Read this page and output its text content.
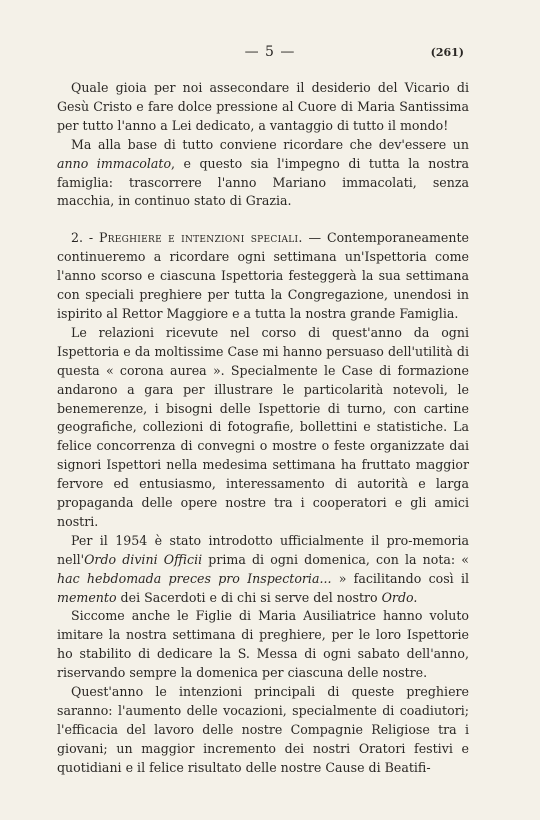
— 5 —	(261)

Quale gioia per noi assecondare il desiderio del Vicario di Gesù Cristo e fare dolce pressione al Cuore di Maria Santissima per tutto l'anno a Lei dedicato, a vantaggio di tutto il mondo!

Ma alla base di tutto conviene ricordare che dev'essere un anno immacolato, e questo sia l'impegno di tutta la nostra famiglia: trascorrere l'anno Mariano immacolati, senza macchia, in continuo stato di Grazia.

2. - Preghiere e intenzioni speciali. — Contemporaneamente continueremo a ricordare ogni settimana un'Ispettoria come l'anno scorso e ciascuna Ispettoria festeggerà la sua settimana con speciali preghiere per tutta la Congregazione, unendosi in ispirito al Rettor Maggiore e a tutta la nostra grande Famiglia.

Le relazioni ricevute nel corso di quest'anno da ogni Ispettoria e da moltissime Case mi hanno persuaso dell'utilità di questa « corona aurea ». Specialmente le Case di formazione andarono a gara per illustrare le particolarità notevoli, le benemerenze, i bisogni delle Ispettorie di turno, con cartine geografiche, collezioni di fotografie, bollettini e statistiche. La felice concorrenza di convegni o mostre o feste organizzate dai signori Ispettori nella medesima settimana ha fruttato maggior fervore ed entusiasmo, interessamento di autorità e larga propaganda delle opere nostre tra i cooperatori e gli amici nostri.

Per il 1954 è stato introdotto ufficialmente il pro-memoria nell'Ordo divini Officii prima di ogni domenica, con la nota: « hac hebdomada preces pro Inspectoria... » facilitando così il memento dei Sacerdoti e di chi si serve del nostro Ordo.

Siccome anche le Figlie di Maria Ausiliatrice hanno voluto imitare la nostra settimana di preghiere, per le loro Ispettorie ho stabilito di dedicare la S. Messa di ogni sabato dell'anno, riservando sempre la domenica per ciascuna delle nostre.

Quest'anno le intenzioni principali di queste preghiere saranno: l'aumento delle vocazioni, specialmente di coadiutori; l'efficacia del lavoro delle nostre Compagnie Religiose tra i giovani; un maggior incremento dei nostri Oratori festivi e quotidiani e il felice risultato delle nostre Cause di Beatifi-
